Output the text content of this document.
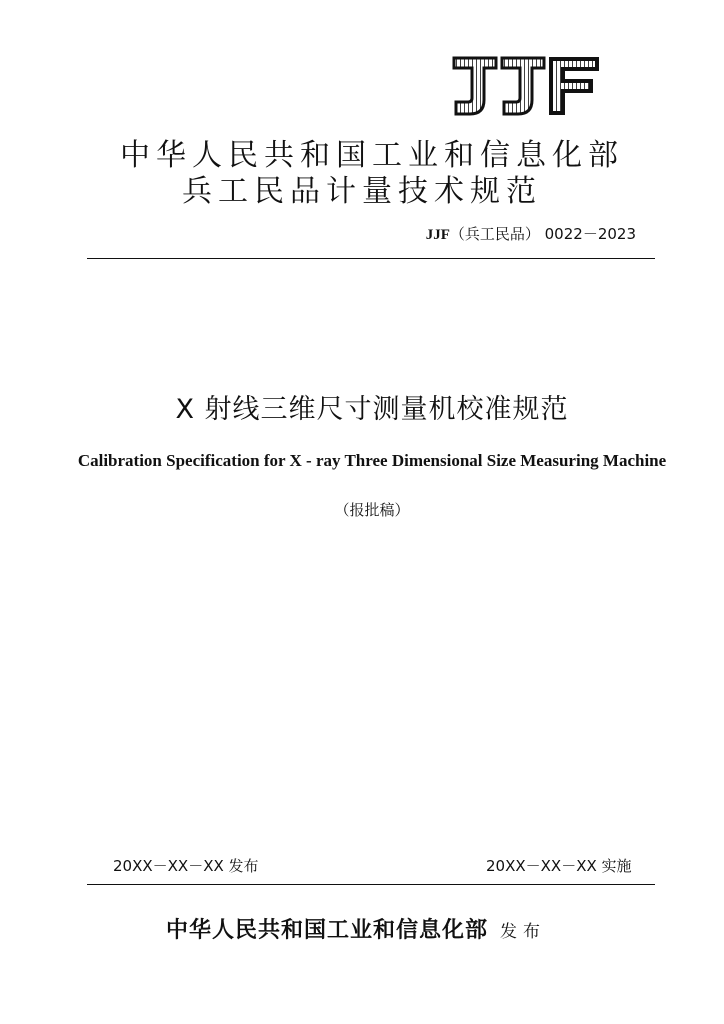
中华人民共和国工业和信息化部
兵工民品计量技术规范
JJF（兵工民品） 0022－2023
X 射线三维尺寸测量机校准规范
Calibration Specification for X - ray Three Dimensional Size Measuring Machine
（报批稿）
20XX－XX－XX 发布	20XX－XX－XX 实施
中华人民共和国工业和信息化部 发布
